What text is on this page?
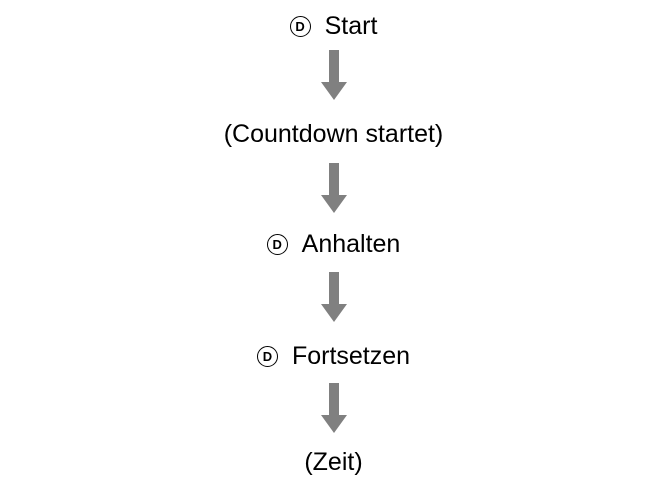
D Start
(Countdown startet)
D Anhalten
D Fortsetzen
(Zeit)
